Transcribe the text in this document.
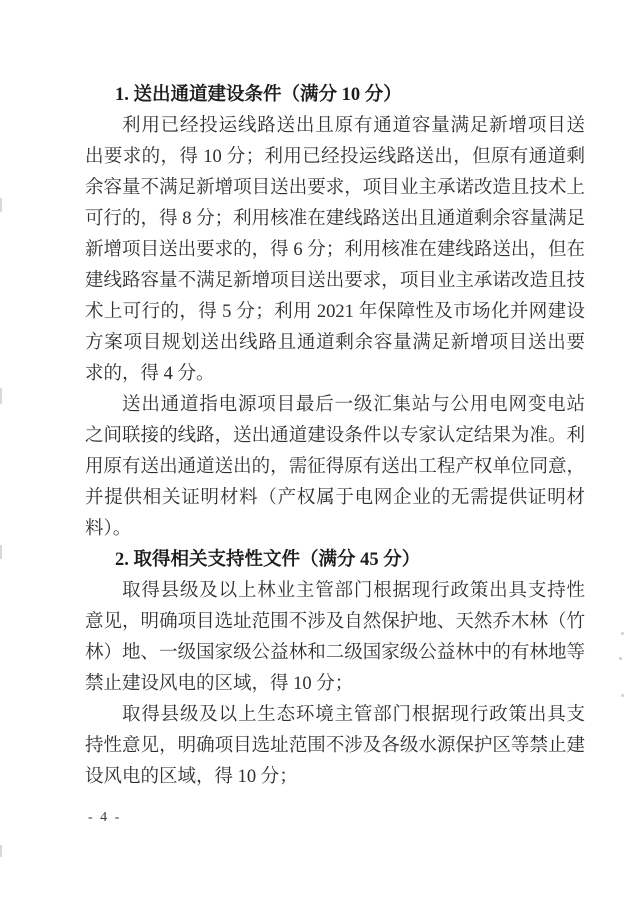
1. 送出通道建设条件（满分 10 分）
利用已经投运线路送出且原有通道容量满足新增项目送
出要求的，得 10 分；利用已经投运线路送出，但原有通道剩
余容量不满足新增项目送出要求，项目业主承诺改造且技术上
可行的，得 8 分；利用核准在建线路送出且通道剩余容量满足
新增项目送出要求的，得 6 分；利用核准在建线路送出，但在
建线路容量不满足新增项目送出要求，项目业主承诺改造且技
术上可行的，得 5 分；利用 2021 年保障性及市场化并网建设
方案项目规划送出线路且通道剩余容量满足新增项目送出要
求的，得 4 分。
送出通道指电源项目最后一级汇集站与公用电网变电站
之间联接的线路，送出通道建设条件以专家认定结果为准。利
用原有送出通道送出的，需征得原有送出工程产权单位同意，
并提供相关证明材料（产权属于电网企业的无需提供证明材
料）。
2. 取得相关支持性文件（满分 45 分）
取得县级及以上林业主管部门根据现行政策出具支持性
意见，明确项目选址范围不涉及自然保护地、天然乔木林（竹
林）地、一级国家级公益林和二级国家级公益林中的有林地等
禁止建设风电的区域，得 10 分；
取得县级及以上生态环境主管部门根据现行政策出具支
持性意见，明确项目选址范围不涉及各级水源保护区等禁止建
设风电的区域，得 10 分；
- 4 -
